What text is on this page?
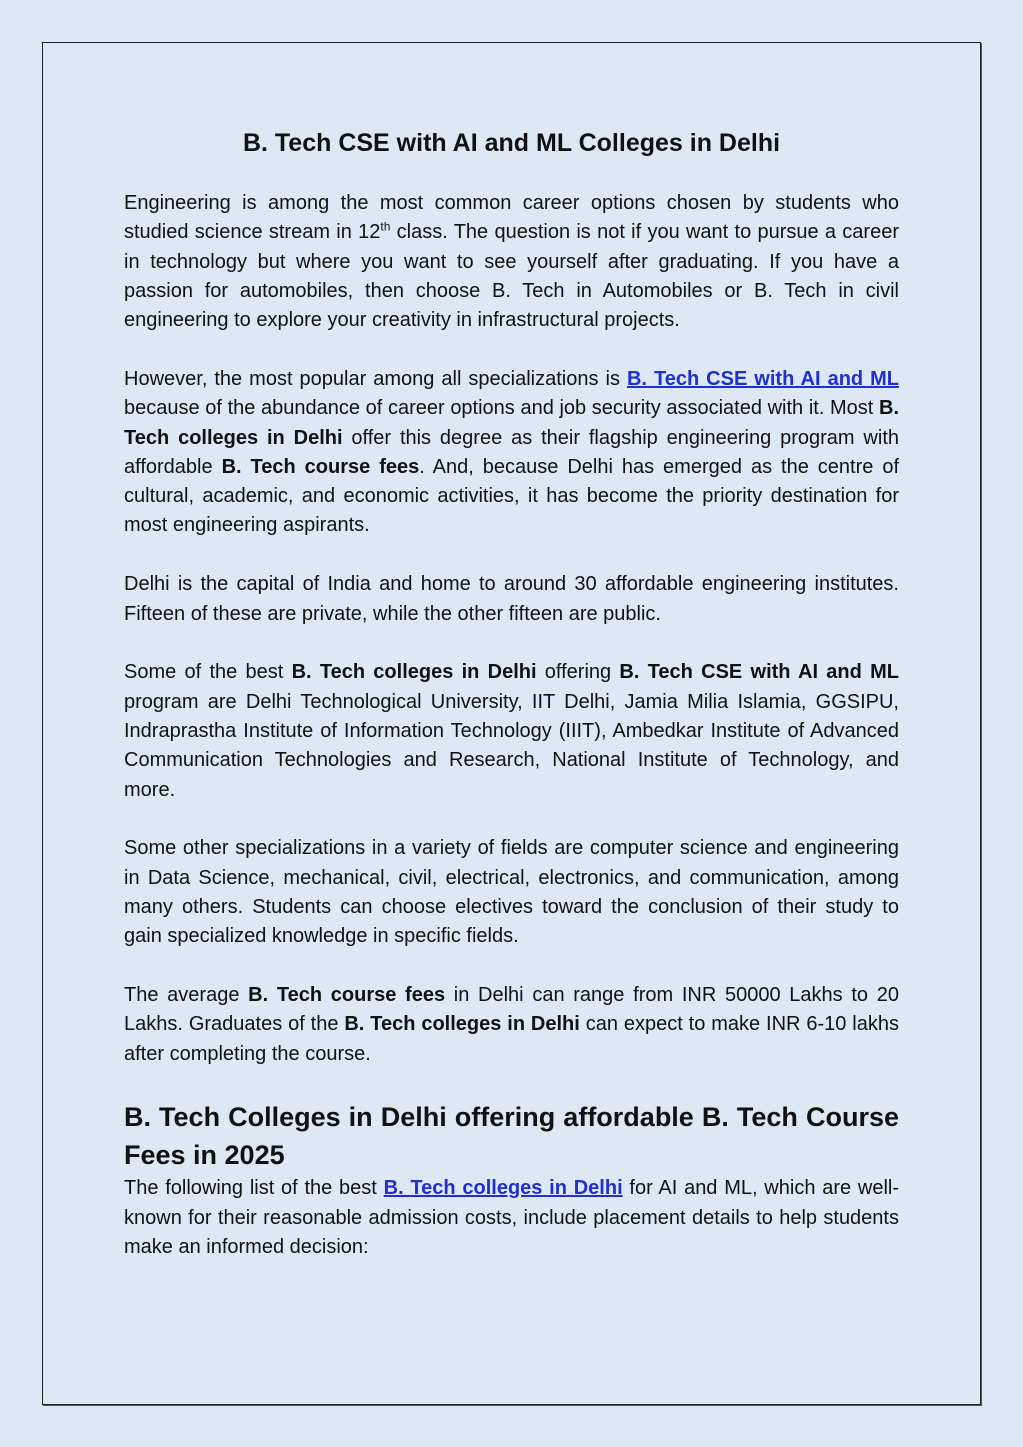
B. Tech CSE with AI and ML Colleges in Delhi

Engineering is among the most common career options chosen by students who studied science stream in 12th class. The question is not if you want to pursue a career in technology but where you want to see yourself after graduating. If you have a passion for automobiles, then choose B. Tech in Automobiles or B. Tech in civil engineering to explore your creativity in infrastructural projects.

However, the most popular among all specializations is B. Tech CSE with AI and ML because of the abundance of career options and job security associated with it. Most B. Tech colleges in Delhi offer this degree as their flagship engineering program with affordable B. Tech course fees. And, because Delhi has emerged as the centre of cultural, academic, and economic activities, it has become the priority destination for most engineering aspirants.

Delhi is the capital of India and home to around 30 affordable engineering institutes. Fifteen of these are private, while the other fifteen are public.

Some of the best B. Tech colleges in Delhi offering B. Tech CSE with AI and ML program are Delhi Technological University, IIT Delhi, Jamia Milia Islamia, GGSIPU, Indraprastha Institute of Information Technology (IIIT), Ambedkar Institute of Advanced Communication Technologies and Research, National Institute of Technology, and more.

Some other specializations in a variety of fields are computer science and engineering in Data Science, mechanical, civil, electrical, electronics, and communication, among many others. Students can choose electives toward the conclusion of their study to gain specialized knowledge in specific fields.

The average B. Tech course fees in Delhi can range from INR 50000 Lakhs to 20 Lakhs. Graduates of the B. Tech colleges in Delhi can expect to make INR 6-10 lakhs after completing the course.

B. Tech Colleges in Delhi offering affordable B. Tech Course Fees in 2025

The following list of the best B. Tech colleges in Delhi for AI and ML, which are well-known for their reasonable admission costs, include placement details to help students make an informed decision:
